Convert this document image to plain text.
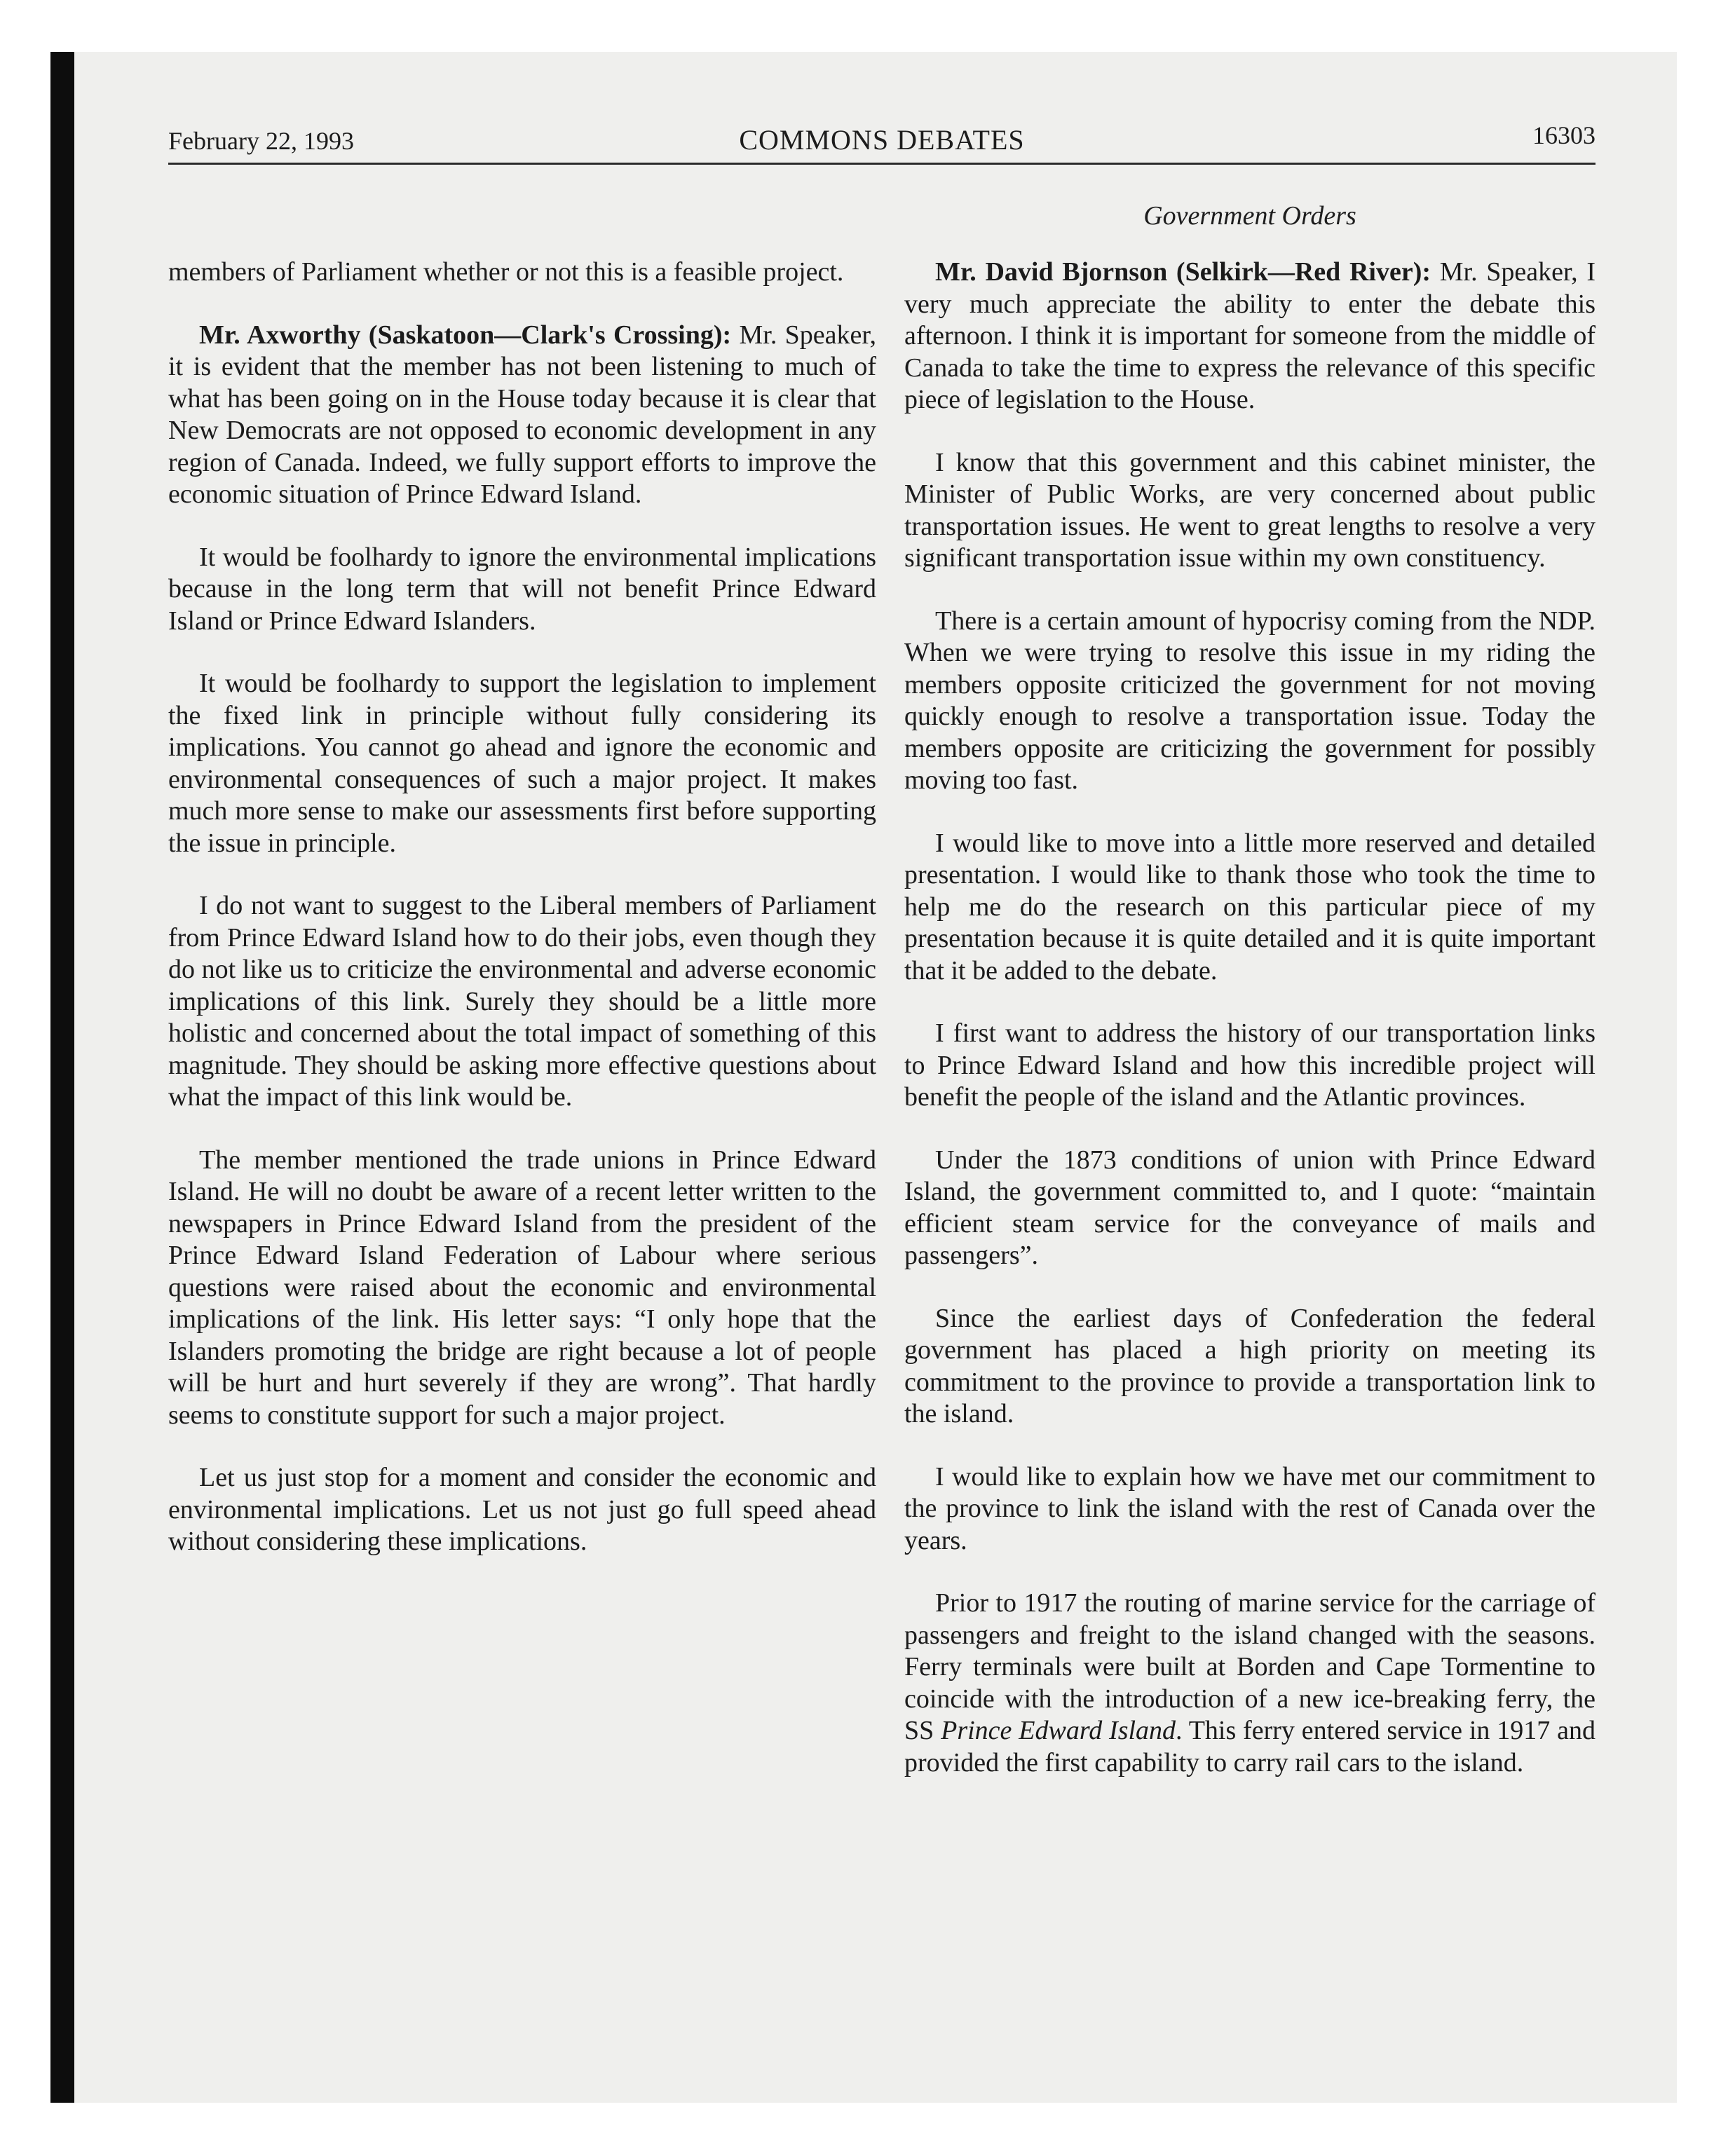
February 22, 1993	COMMONS DEBATES	16303
Government Orders

members of Parliament whether or not this is a feasible project.

Mr. Axworthy (Saskatoon—Clark's Crossing): Mr. Speaker, it is evident that the member has not been listening to much of what has been going on in the House today because it is clear that New Democrats are not opposed to economic development in any region of Canada. Indeed, we fully support efforts to improve the economic situation of Prince Edward Island.

It would be foolhardy to ignore the environmental implications because in the long term that will not benefit Prince Edward Island or Prince Edward Islanders.

It would be foolhardy to support the legislation to implement the fixed link in principle without fully considering its implications. You cannot go ahead and ignore the economic and environmental consequences of such a major project. It makes much more sense to make our assessments first before supporting the issue in principle.

I do not want to suggest to the Liberal members of Parliament from Prince Edward Island how to do their jobs, even though they do not like us to criticize the environmental and adverse economic implications of this link. Surely they should be a little more holistic and concerned about the total impact of something of this magnitude. They should be asking more effective questions about what the impact of this link would be.

The member mentioned the trade unions in Prince Edward Island. He will no doubt be aware of a recent letter written to the newspapers in Prince Edward Island from the president of the Prince Edward Island Federation of Labour where serious questions were raised about the economic and environmental implications of the link. His letter says: “I only hope that the Islanders promoting the bridge are right because a lot of people will be hurt and hurt severely if they are wrong”. That hardly seems to constitute support for such a major project.

Let us just stop for a moment and consider the economic and environmental implications. Let us not just go full speed ahead without considering these implications.

Mr. David Bjornson (Selkirk—Red River): Mr. Speaker, I very much appreciate the ability to enter the debate this afternoon. I think it is important for someone from the middle of Canada to take the time to express the relevance of this specific piece of legislation to the House.

I know that this government and this cabinet minister, the Minister of Public Works, are very concerned about public transportation issues. He went to great lengths to resolve a very significant transportation issue within my own constituency.

There is a certain amount of hypocrisy coming from the NDP. When we were trying to resolve this issue in my riding the members opposite criticized the government for not moving quickly enough to resolve a transportation issue. Today the members opposite are criticizing the government for possibly moving too fast.

I would like to move into a little more reserved and detailed presentation. I would like to thank those who took the time to help me do the research on this particular piece of my presentation because it is quite detailed and it is quite important that it be added to the debate.

I first want to address the history of our transportation links to Prince Edward Island and how this incredible project will benefit the people of the island and the Atlantic provinces.

Under the 1873 conditions of union with Prince Edward Island, the government committed to, and I quote: “maintain efficient steam service for the conveyance of mails and passengers”.

Since the earliest days of Confederation the federal government has placed a high priority on meeting its commitment to the province to provide a transportation link to the island.

I would like to explain how we have met our commitment to the province to link the island with the rest of Canada over the years.

Prior to 1917 the routing of marine service for the carriage of passengers and freight to the island changed with the seasons. Ferry terminals were built at Borden and Cape Tormentine to coincide with the introduction of a new ice-breaking ferry, the SS Prince Edward Island. This ferry entered service in 1917 and provided the first capability to carry rail cars to the island.
